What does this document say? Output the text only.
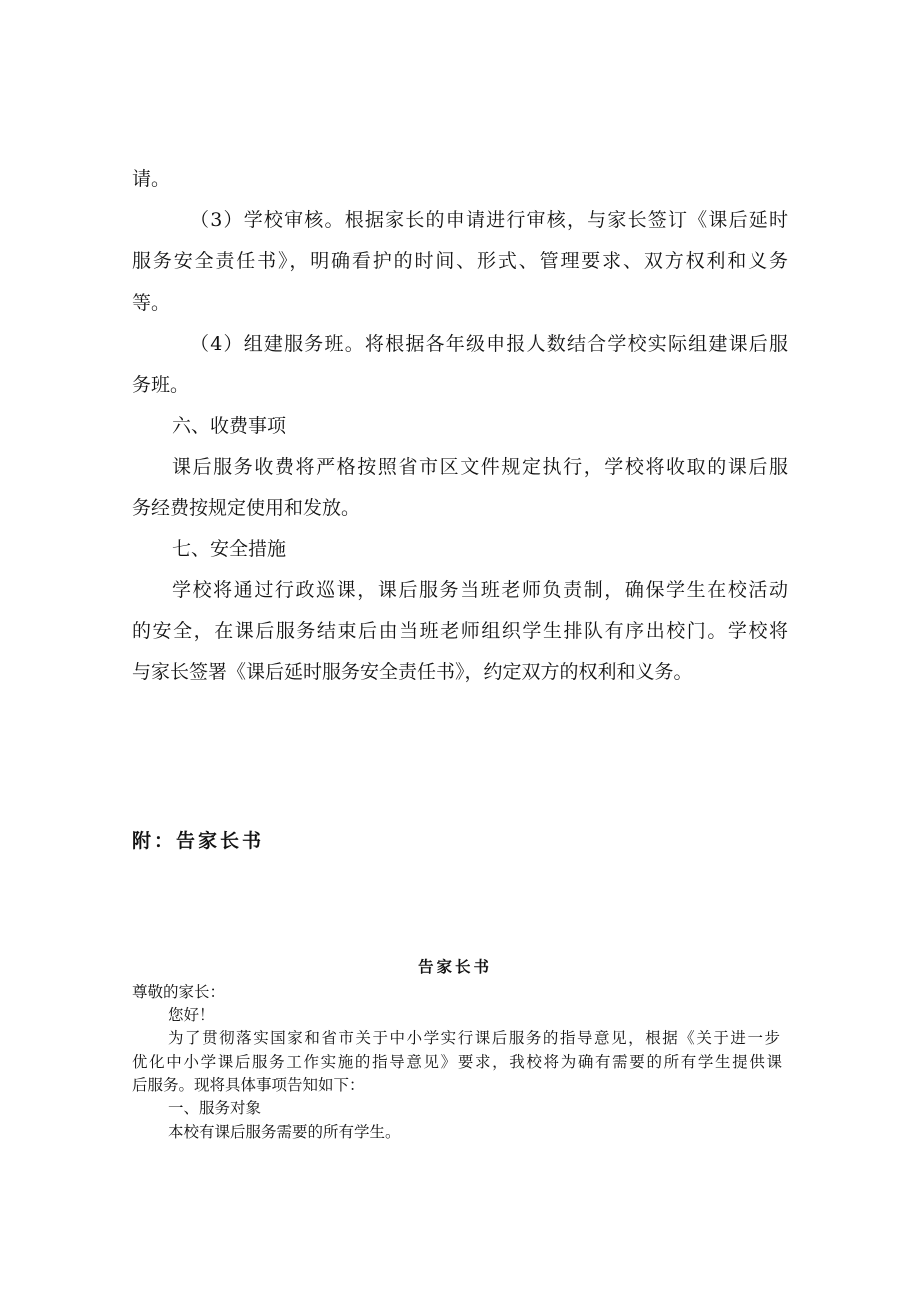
请。

（3）学校审核。根据家长的申请进行审核，与家长签订《课后延时

服务安全责任书》，明确看护的时间、形式、管理要求、双方权利和义务

等。

（4）组建服务班。将根据各年级申报人数结合学校实际组建课后服

务班。

六、收费事项

课后服务收费将严格按照省市区文件规定执行，学校将收取的课后服

务经费按规定使用和发放。

七、安全措施

学校将通过行政巡课，课后服务当班老师负责制，确保学生在校活动

的安全，在课后服务结束后由当班老师组织学生排队有序出校门。学校将

与家长签署《课后延时服务安全责任书》，约定双方的权利和义务。

附：告家长书

告家长书

尊敬的家长：

您好！

为了贯彻落实国家和省市关于中小学实行课后服务的指导意见，根据《关于进一步

优化中小学课后服务工作实施的指导意见》要求，我校将为确有需要的所有学生提供课

后服务。现将具体事项告知如下：

一、服务对象

本校有课后服务需要的所有学生。
